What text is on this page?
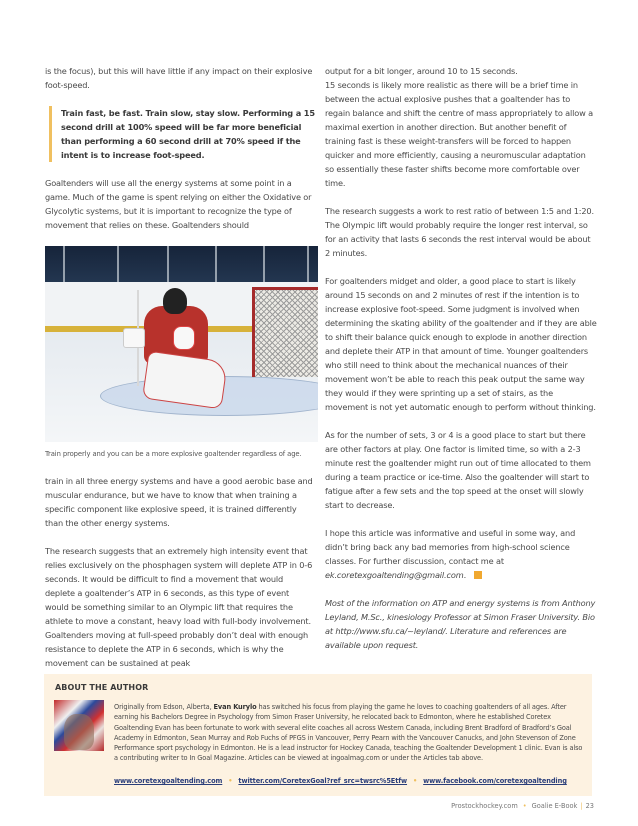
is the focus), but this will have little if any impact on their explosive foot-speed.

Train fast, be fast. Train slow, stay slow. Performing a 15 second drill at 100% speed will be far more beneficial than performing a 60 second drill at 70% speed if the intent is to increase foot-speed.

Goaltenders will use all the energy systems at some point in a game. Much of the game is spent relying on either the Oxidative or Glycolytic systems, but it is important to recognize the type of movement that relies on these. Goaltenders should

Train properly and you can be a more explosive goaltender regardless of age.

train in all three energy systems and have a good aerobic base and muscular endurance, but we have to know that when training a specific component like explosive speed, it is trained differently than the other energy systems.

The research suggests that an extremely high intensity event that relies exclusively on the phosphagen system will deplete ATP in 0-6 seconds. It would be difficult to find a movement that would deplete a goaltender’s ATP in 6 seconds, as this type of event would be something similar to an Olympic lift that requires the athlete to move a constant, heavy load with full-body involvement. Goaltenders moving at full-speed probably don’t deal with enough resistance to deplete the ATP in 6 seconds, which is why the movement can be sustained at peak

output for a bit longer, around 10 to 15 seconds.

15 seconds is likely more realistic as there will be a brief time in between the actual explosive pushes that a goaltender has to regain balance and shift the centre of mass appropriately to allow a maximal exertion in another direction. But another benefit of training fast is these weight-transfers will be forced to happen quicker and more efficiently, causing a neuromuscular adaptation so essentially these faster shifts become more comfortable over time.

The research suggests a work to rest ratio of between 1:5 and 1:20. The Olympic lift would probably require the longer rest interval, so for an activity that lasts 6 seconds the rest interval would be about 2 minutes.

For goaltenders midget and older, a good place to start is likely around 15 seconds on and 2 minutes of rest if the intention is to increase explosive foot-speed. Some judgment is involved when determining the skating ability of the goaltender and if they are able to shift their balance quick enough to explode in another direction and deplete their ATP in that amount of time. Younger goaltenders who still need to think about the mechanical nuances of their movement won’t be able to reach this peak output the same way they would if they were sprinting up a set of stairs, as the movement is not yet automatic enough to perform without thinking.

As for the number of sets, 3 or 4 is a good place to start but there are other factors at play. One factor is limited time, so with a 2-3 minute rest the goaltender might run out of time allocated to them during a team practice or ice-time. Also the goaltender will start to fatigue after a few sets and the top speed at the onset will slowly start to decrease.

I hope this article was informative and useful in some way, and didn’t bring back any bad memories from high-school science classes. For further discussion, contact me at ek.coretexgoaltending@gmail.com.

Most of the information on ATP and energy systems is from Anthony Leyland, M.Sc., kinesiology Professor at Simon Fraser University. Bio at http://www.sfu.ca/~leyland/. Literature and references are available upon request.

ABOUT THE AUTHOR
Originally from Edson, Alberta, Evan Kurylo has switched his focus from playing the game he loves to coaching goaltenders of all ages. After earning his Bachelors Degree in Psychology from Simon Fraser University, he relocated back to Edmonton, where he established Coretex Goaltending Evan has been fortunate to work with several elite coaches all across Western Canada, including Brent Bradford of Bradford’s Goal Academy in Edmonton, Sean Murray and Rob Fuchs of PFGS in Vancouver, Perry Pearn with the Vancouver Canucks, and John Stevenson of Zone Performance sport psychology in Edmonton. He is a lead instructor for Hockey Canada, teaching the Goaltender Development 1 clinic. Evan is also a contributing writer to In Goal Magazine. Articles can be viewed at ingoalmag.com or under the Articles tab above.
www.coretexgoaltending.com • twitter.com/CoretexGoal?ref_src=twsrc%5Etfw • www.facebook.com/coretexgoaltending
Prostockhockey.com • Goalie E-Book | 23
